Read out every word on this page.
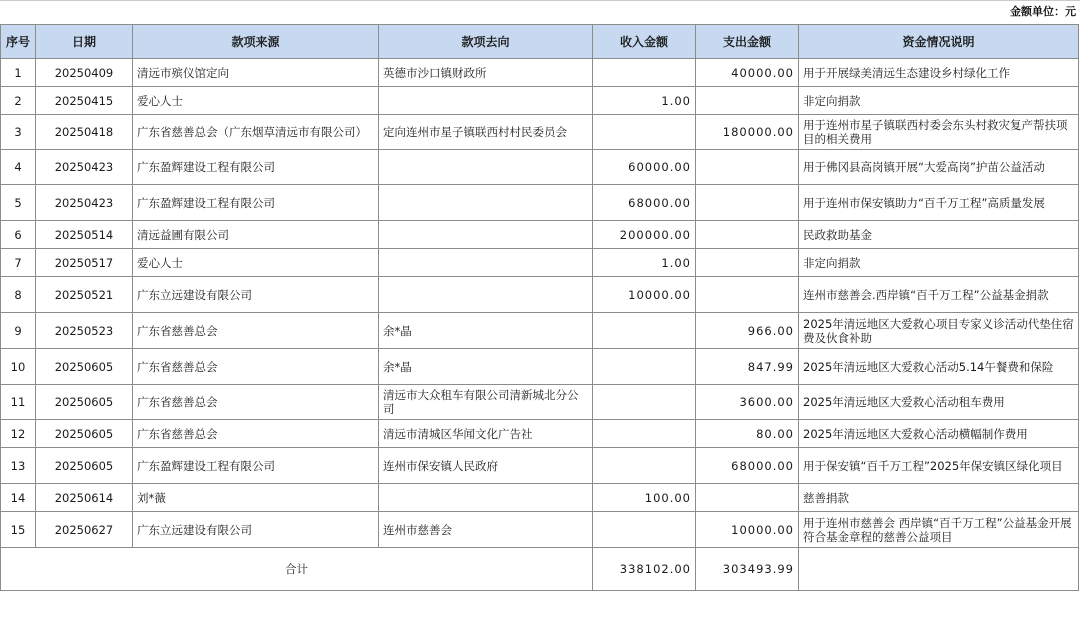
金额单位：元
序号	日期	款项来源	款项去向	收入金额	支出金额	资金情况说明
1	20250409	清远市殡仪馆定向	英德市沙口镇财政所		40000.00	用于开展绿美清远生态建设乡村绿化工作
2	20250415	爱心人士		1.00		非定向捐款
3	20250418	广东省慈善总会（广东烟草清远市有限公司）	定向连州市星子镇联西村村民委员会		180000.00	用于连州市星子镇联西村委会东头村救灾复产帮扶项目的相关费用
4	20250423	广东盈辉建设工程有限公司		60000.00		用于佛冈县高岗镇开展“大爱高岗”护苗公益活动
5	20250423	广东盈辉建设工程有限公司		68000.00		用于连州市保安镇助力“百千万工程”高质量发展
6	20250514	清远益圃有限公司		200000.00		民政救助基金
7	20250517	爱心人士		1.00		非定向捐款
8	20250521	广东立远建设有限公司		10000.00		连州市慈善会.西岸镇“百千万工程”公益基金捐款
9	20250523	广东省慈善总会	余*晶		966.00	2025年清远地区大爱救心项目专家义诊活动代垫住宿费及伙食补助
10	20250605	广东省慈善总会	余*晶		847.99	2025年清远地区大爱救心活动5.14午餐费和保险
11	20250605	广东省慈善总会	清远市大众租车有限公司清新城北分公司		3600.00	2025年清远地区大爱救心活动租车费用
12	20250605	广东省慈善总会	清远市清城区华闻文化广告社		80.00	2025年清远地区大爱救心活动横幅制作费用
13	20250605	广东盈辉建设工程有限公司	连州市保安镇人民政府		68000.00	用于保安镇“百千万工程”2025年保安镇区绿化项目
14	20250614	刘*薇		100.00		慈善捐款
15	20250627	广东立远建设有限公司	连州市慈善会		10000.00	用于连州市慈善会 西岸镇“百千万工程”公益基金开展符合基金章程的慈善公益项目
合计				338102.00	303493.99	
